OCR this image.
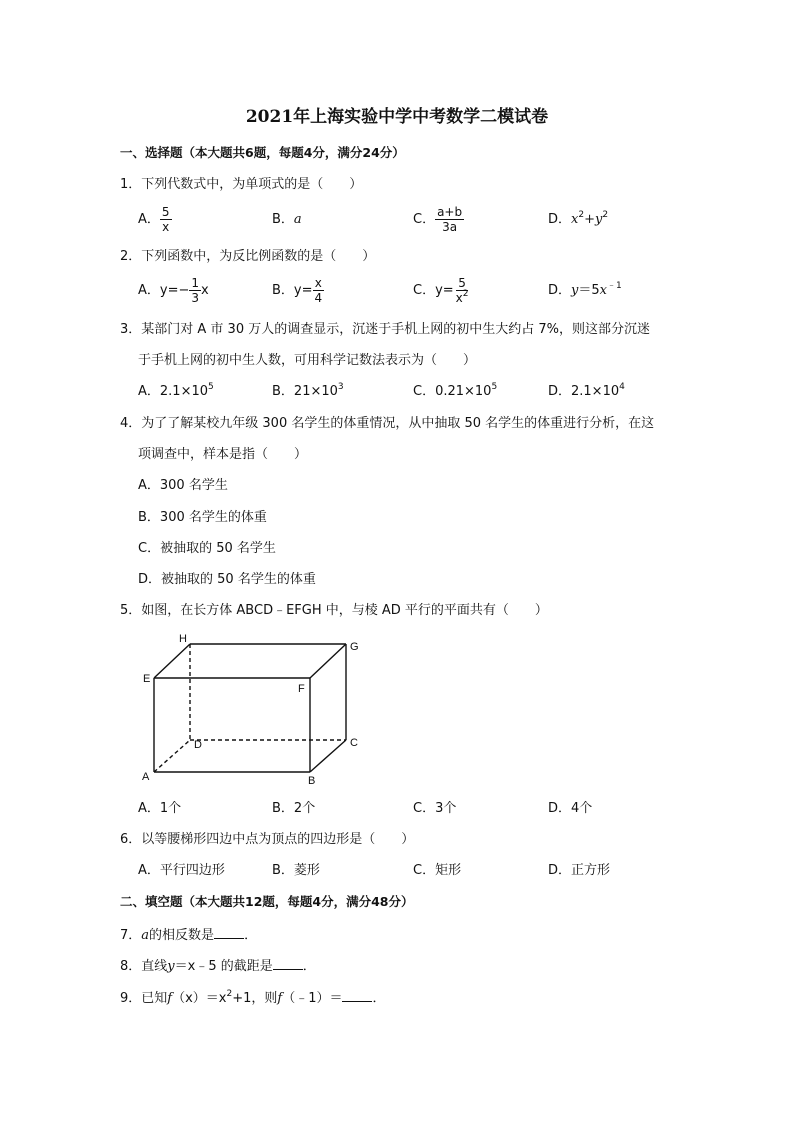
2021年上海实验中学中考数学二模试卷
一、选择题（本大题共6题，每题4分，满分24分）
1．下列代数式中，为单项式的是（　　）
A． $\frac{5}{x}$	B．a	C． $\frac{a+b}{3a}$	D．$x^2+y^2$
2．下列函数中，为反比例函数的是（　　）
A． $y=- \frac{1}{3}$ x	B． $y= \frac{x}{4}$	C． $y= \frac{5}{x^2}$	D．$y=5x^{﹣1}$
3．某部门对 A 市 30 万人的调查显示，沉迷于手机上网的初中生大约占 7%，则这部分沉迷
于手机上网的初中生人数，可用科学记数法表示为（　　）
A．$2.1\times 10^5$	B．$21\times 10^3$	C．$0.21\times 10^5$	D．$2.1\times 10^4$
4．为了了解某校九年级 300 名学生的体重情况，从中抽取 50 名学生的体重进行分析，在这
项调查中，样本是指（　　）
A．300 名学生
B．300 名学生的体重
C．被抽取的 50 名学生
D．被抽取的 50 名学生的体重
5．如图，在长方体 ABCD﹣EFGH 中，与棱 AD 平行的平面共有（　　）
H
G
E
F
D	C
A	B
A．1个	B．2个	C．3个	D．4个
6．以等腰梯形四边中点为顶点的四边形是（　　）
A．平行四边形	B．菱形	C．矩形	D．正方形
二、填空题（本大题共12题，每题4分，满分48分）
7．a的相反数是 ．
8．直线y＝x﹣5 的截距是 ．
9．已知$f(x)=x^2+1$，则f（﹣1）＝ ．
